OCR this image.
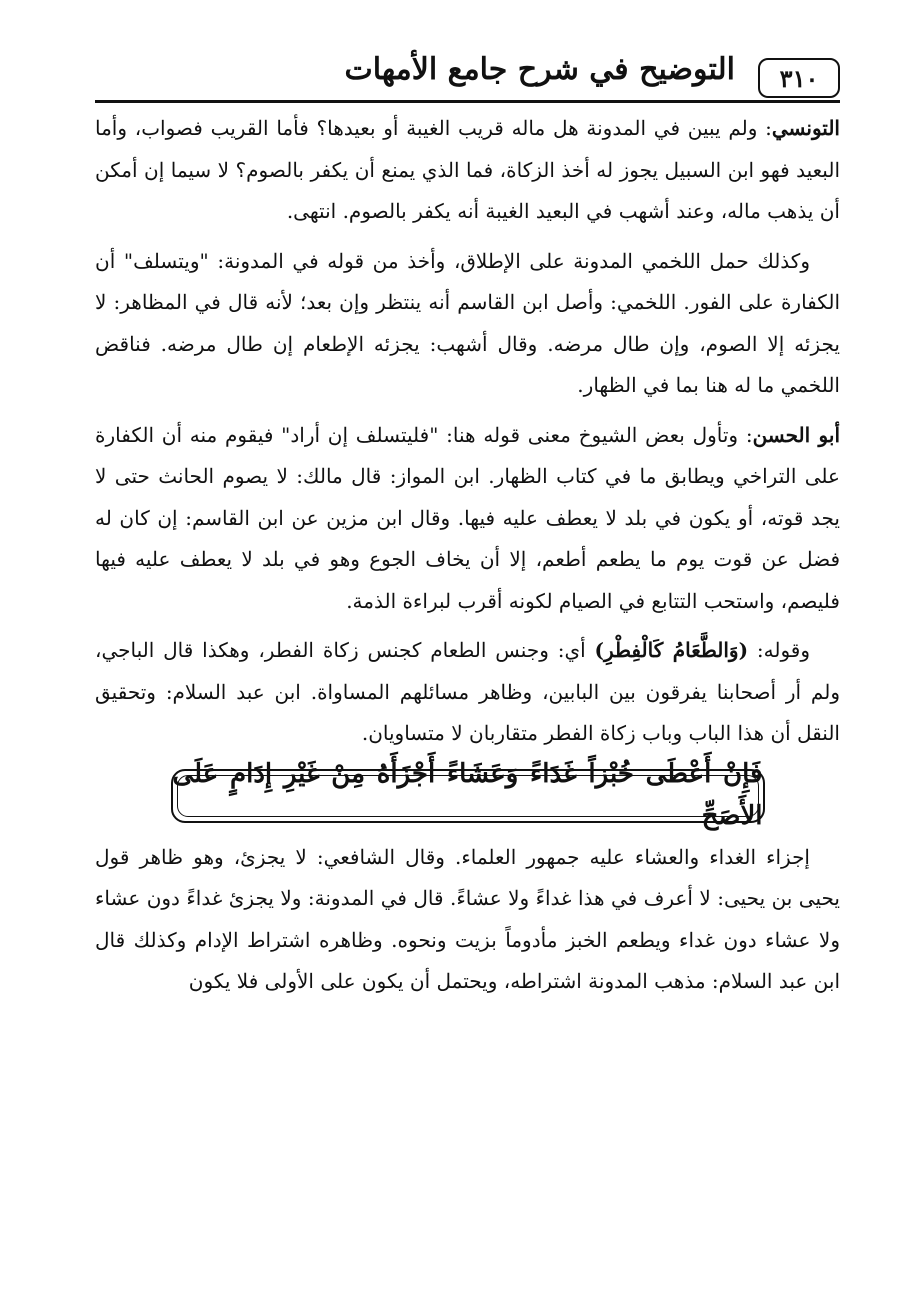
٣١٠
التوضيح في شرح جامع الأمهات

التونسي: ولم يبين في المدونة هل ماله قريب الغيبة أو بعيدها؟ فأما القريب فصواب، وأما البعيد فهو ابن السبيل يجوز له أخذ الزكاة، فما الذي يمنع أن يكفر بالصوم؟ لا سيما إن أمكن أن يذهب ماله، وعند أشهب في البعيد الغيبة أنه يكفر بالصوم. انتهى.

وكذلك حمل اللخمي المدونة على الإطلاق، وأخذ من قوله في المدونة: "ويتسلف" أن الكفارة على الفور. اللخمي: وأصل ابن القاسم أنه ينتظر وإن بعد؛ لأنه قال في المظاهر: لا يجزئه إلا الصوم، وإن طال مرضه. وقال أشهب: يجزئه الإطعام إن طال مرضه. فناقض اللخمي ما له هنا بما في الظهار.

أبو الحسن: وتأول بعض الشيوخ معنى قوله هنا: "فليتسلف إن أراد" فيقوم منه أن الكفارة على التراخي ويطابق ما في كتاب الظهار. ابن المواز: قال مالك: لا يصوم الحانث حتى لا يجد قوته، أو يكون في بلد لا يعطف عليه فيها. وقال ابن مزين عن ابن القاسم: إن كان له فضل عن قوت يوم ما يطعم أطعم، إلا أن يخاف الجوع وهو في بلد لا يعطف عليه فيها فليصم، واستحب التتابع في الصيام لكونه أقرب لبراءة الذمة.

وقوله: (وَالطَّعَامُ كَالْفِطْرِ) أي: وجنس الطعام كجنس زكاة الفطر، وهكذا قال الباجي، ولم أر أصحابنا يفرقون بين البابين، وظاهر مسائلهم المساواة. ابن عبد السلام: وتحقيق النقل أن هذا الباب وباب زكاة الفطر متقاربان لا متساويان.

فَإِنْ أَعْطَى خُبْزاً غَدَاءً وَعَشَاءً أَجْزَأَهُ مِنْ غَيْرِ إِدَامٍ عَلَى الأَصَحِّ

إجزاء الغداء والعشاء عليه جمهور العلماء. وقال الشافعي: لا يجزئ، وهو ظاهر قول يحيى بن يحيى: لا أعرف في هذا غداءً ولا عشاءً. قال في المدونة: ولا يجزئ غداءً دون عشاء ولا عشاء دون غداء ويطعم الخبز مأدوماً بزيت ونحوه. وظاهره اشتراط الإدام وكذلك قال ابن عبد السلام: مذهب المدونة اشتراطه، ويحتمل أن يكون على الأولى فلا يكون
